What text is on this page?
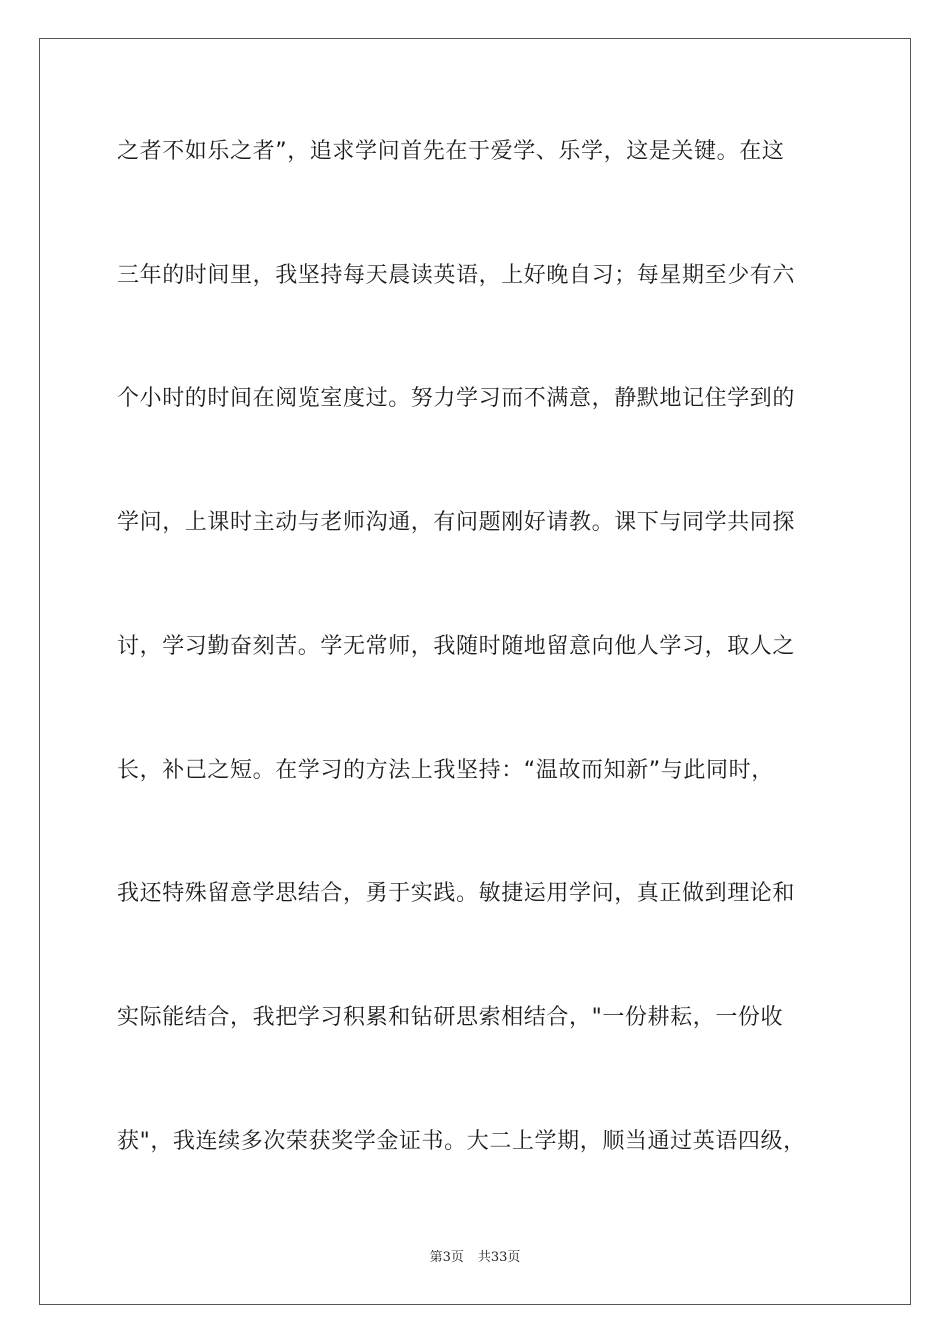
之者不如乐之者”，追求学问首先在于爱学、乐学，这是关键。在这
三年的时间里，我坚持每天晨读英语，上好晚自习；每星期至少有六
个小时的时间在阅览室度过。努力学习而不满意，静默地记住学到的
学问，上课时主动与老师沟通，有问题刚好请教。课下与同学共同探
讨，学习勤奋刻苦。学无常师，我随时随地留意向他人学习，取人之
长，补己之短。在学习的方法上我坚持：“温故而知新”与此同时，
我还特殊留意学思结合，勇于实践。敏捷运用学问，真正做到理论和
实际能结合，我把学习积累和钻研思索相结合，"一份耕耘，一份收
获"，我连续多次荣获奖学金证书。大二上学期，顺当通过英语四级，
第3页 共33页
